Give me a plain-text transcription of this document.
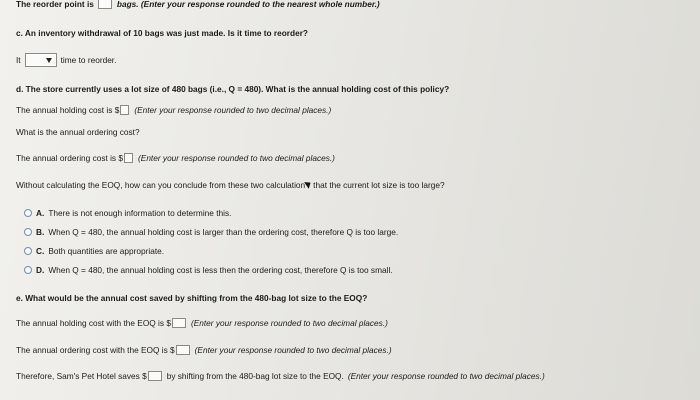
The reorder point is	bags. (Enter your response rounded to the nearest whole number.)
c. An inventory withdrawal of 10 bags was just made. Is it time to reorder?
It	time to reorder.
d. The store currently uses a lot size of 480 bags (i.e., Q = 480). What is the annual holding cost of this policy?
The annual holding cost is $ (Enter your response rounded to two decimal places.)
What is the annual ordering cost?
The annual ordering cost is $ (Enter your response rounded to two decimal places.)
Without calculating the EOQ, how can you conclude from these two calculation that the current lot size is too large?
A. There is not enough information to determine this.
B. When Q = 480, the annual holding cost is larger than the ordering cost, therefore Q is too large.
C. Both quantities are appropriate.
D. When Q = 480, the annual holding cost is less then the ordering cost, therefore Q is too small.
e. What would be the annual cost saved by shifting from the 480-bag lot size to the EOQ?
The annual holding cost with the EOQ is $ (Enter your response rounded to two decimal places.)
The annual ordering cost with the EOQ is $ (Enter your response rounded to two decimal places.)
Therefore, Sam's Pet Hotel saves $ by shifting from the 480-bag lot size to the EOQ. (Enter your response rounded to two decimal places.)
